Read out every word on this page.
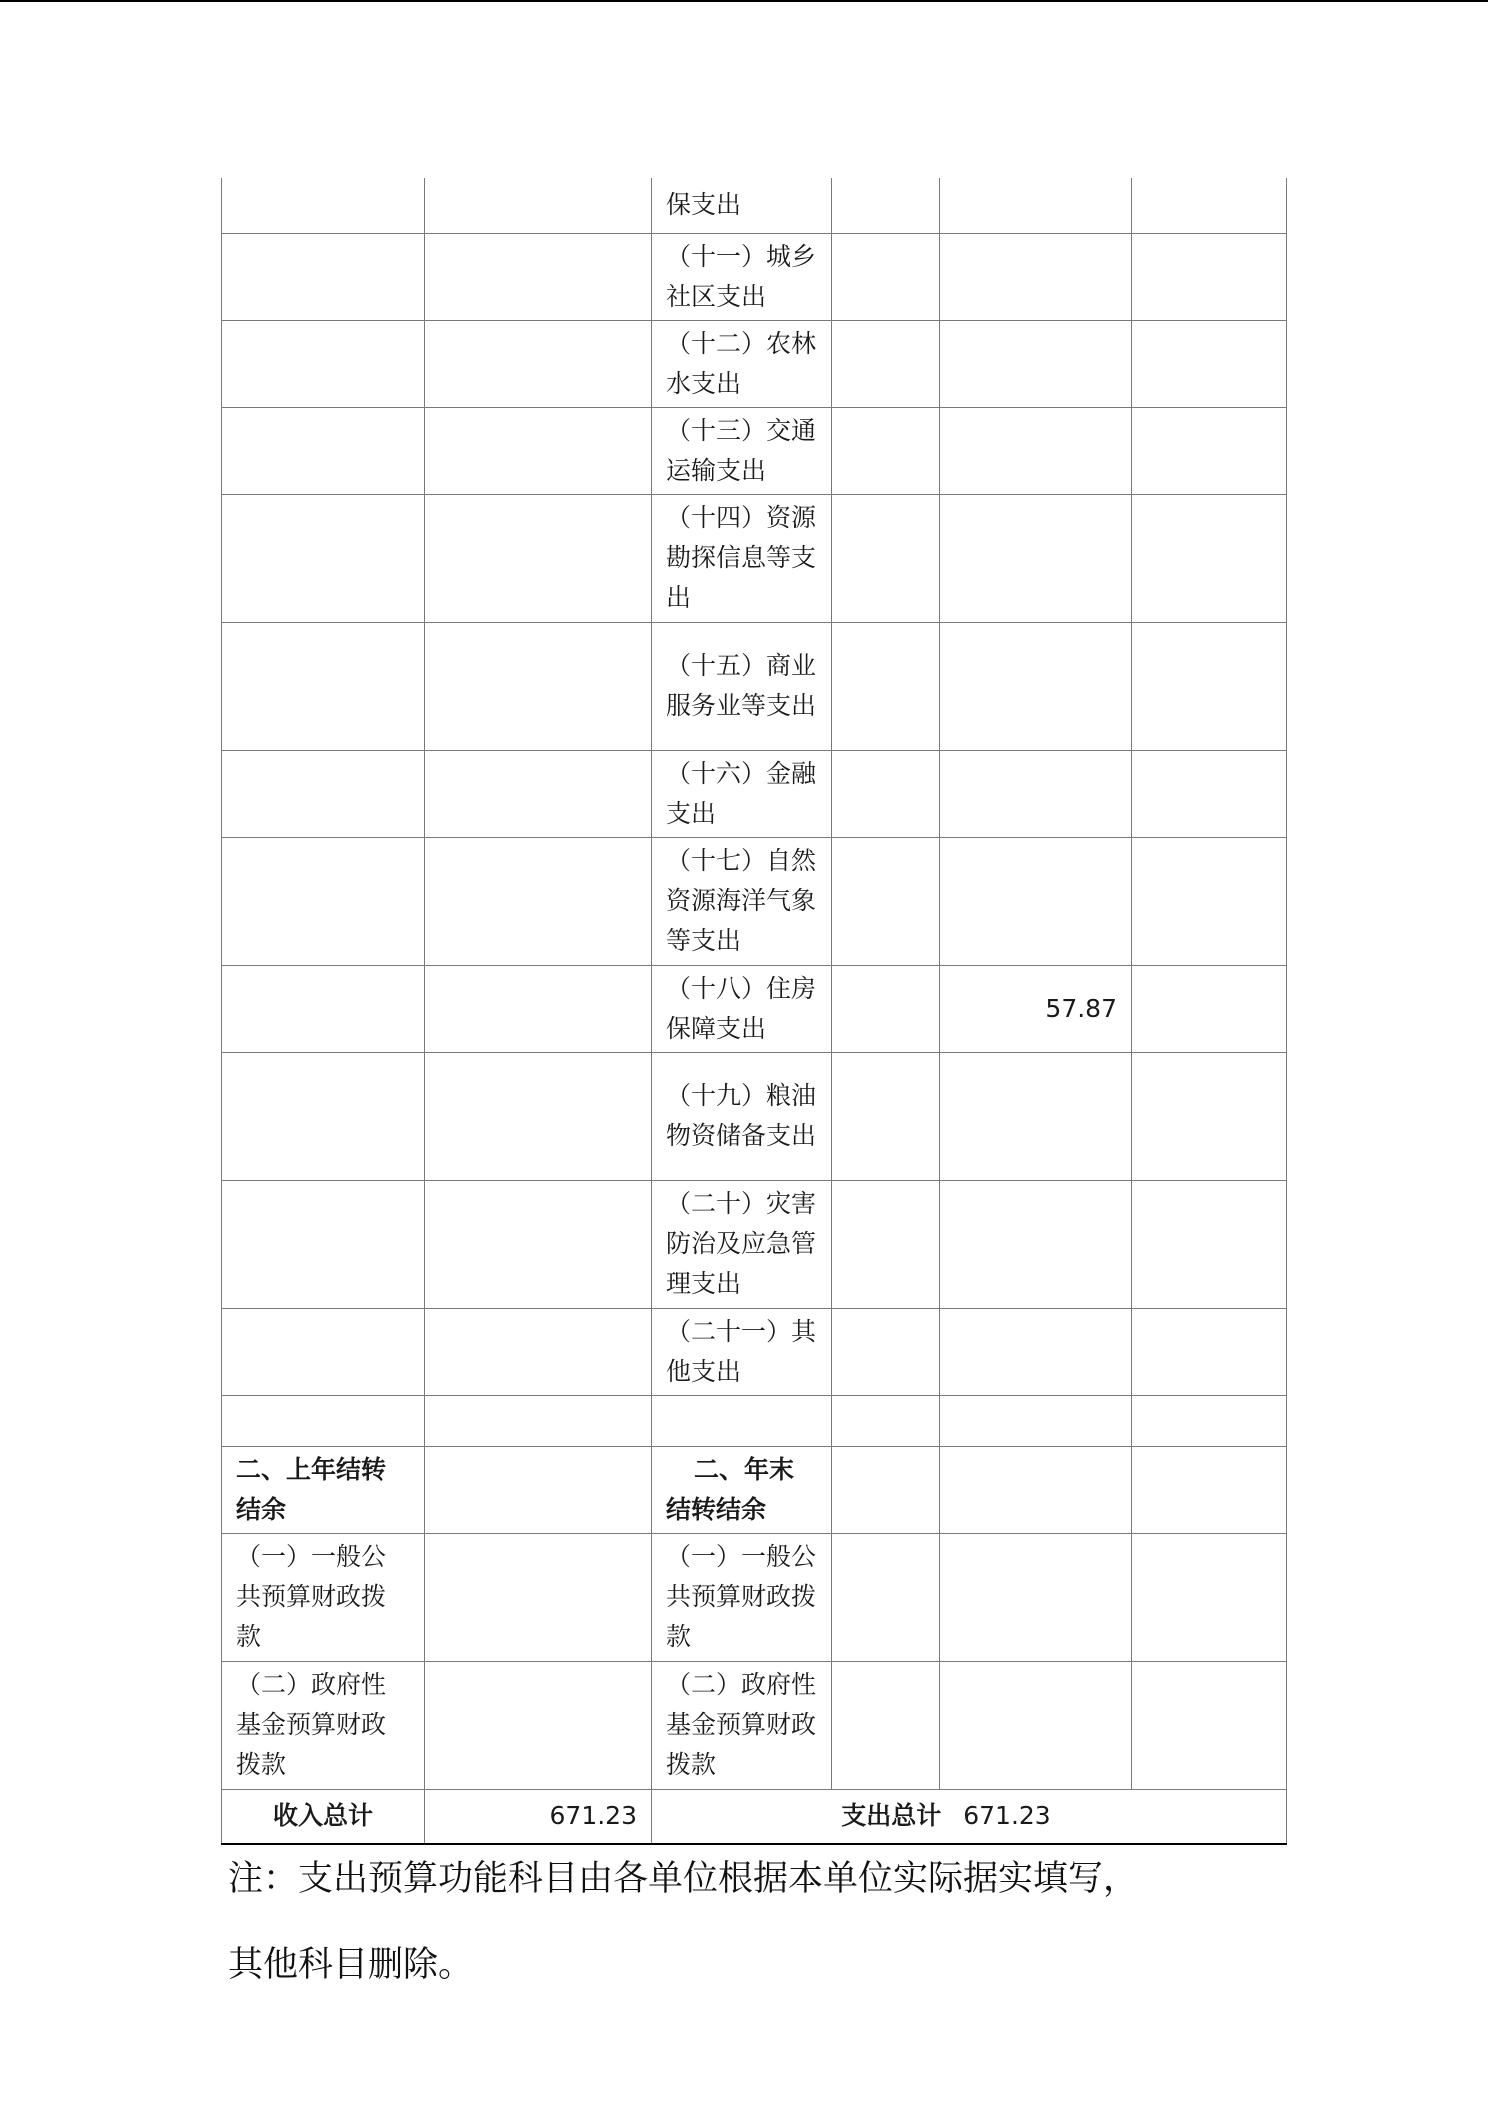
		保支出			
		（十一）城乡社区支出			
		（十二）农林水支出			
		（十三）交通运输支出			
		（十四）资源勘探信息等支出			
		（十五）商业服务业等支出			
		（十六）金融支出			
		（十七）自然资源海洋气象等支出			
		（十八）住房保障支出		57.87	
		（十九）粮油物资储备支出			
		（二十）灾害防治及应急管理支出			
		（二十一）其他支出			

二、上年结转结余		二、年末结转结余			
（一）一般公共预算财政拨款		（一）一般公共预算财政拨款			
（二）政府性基金预算财政拨款		（二）政府性基金预算财政拨款			
收入总计	671.23	支出总计 671.23			

注：支出预算功能科目由各单位根据本单位实际据实填写，

其他科目删除。
